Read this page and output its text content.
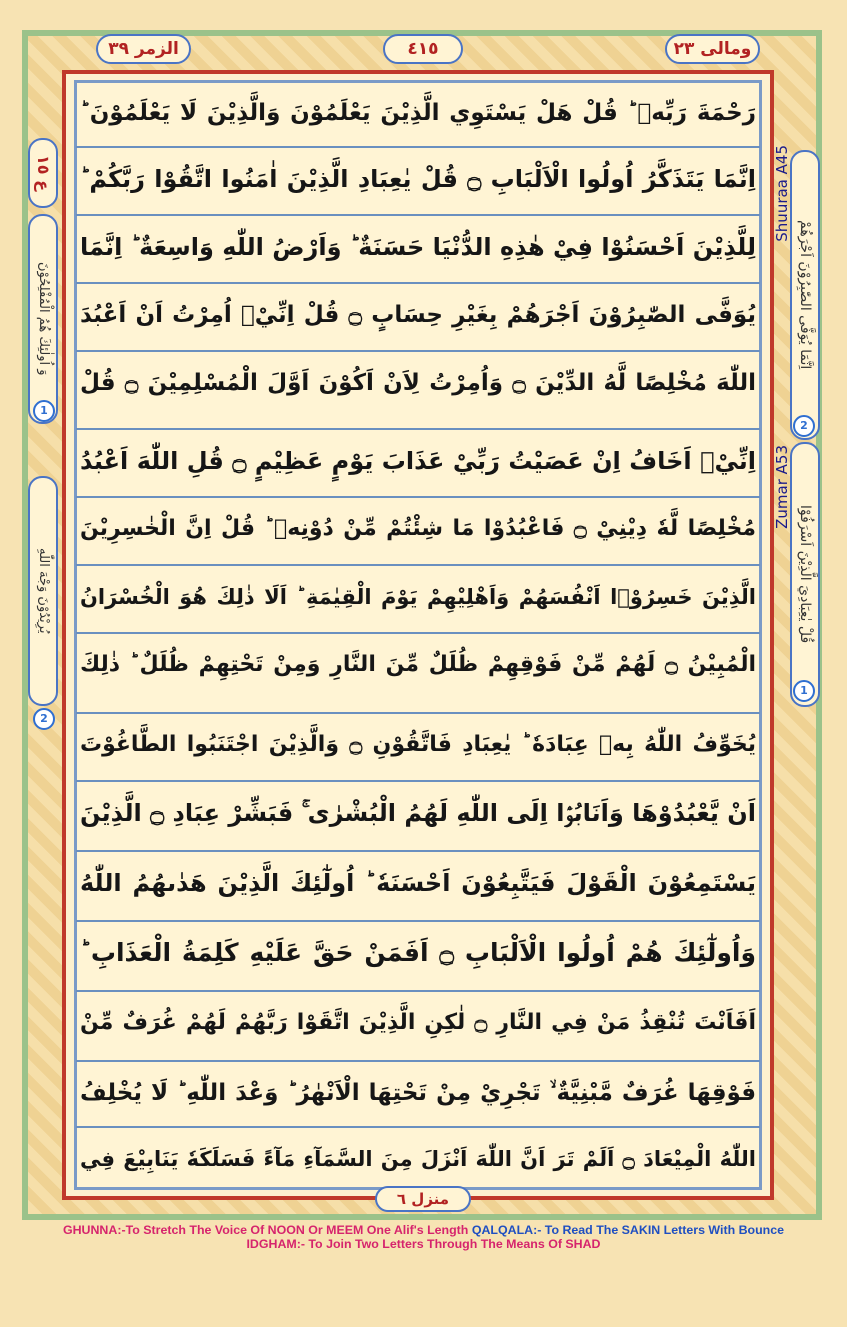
الزمر ٣٩	٤١٥	ومالى ٢٣
ع ١٥
وَ اُولٰئِكَ هُمُ الْمُفْلِحُوْنَ
يُرِيْدُوْنَ وَجْهَ اللّٰهِ
1
2
اِنَّمَا يُوَفَّى الصّٰبِرُوْنَ اَجْرَهُمْ
قُلْ يٰعِبَادِيَ الَّذِيْنَ اَسْرَفُوْا
Shuuraa A45
Zumar A53
2
1
رَحْمَةَ رَبِّهٖ ؕ قُلْ هَلْ يَسْتَوِي الَّذِيْنَ يَعْلَمُوْنَ وَالَّذِيْنَ لَا يَعْلَمُوْنَ ؕ
اِنَّمَا يَتَذَكَّرُ اُولُوا الْاَلْبَابِ ۝ قُلْ يٰعِبَادِ الَّذِيْنَ اٰمَنُوا اتَّقُوْا رَبَّكُمْ ؕ
لِلَّذِيْنَ اَحْسَنُوْا فِيْ هٰذِهِ الدُّنْيَا حَسَنَةٌ ؕ وَاَرْضُ اللّٰهِ وَاسِعَةٌ ؕ اِنَّمَا
يُوَفَّى الصّٰبِرُوْنَ اَجْرَهُمْ بِغَيْرِ حِسَابٍ ۝ قُلْ اِنِّيْۤ اُمِرْتُ اَنْ اَعْبُدَ
اللّٰهَ مُخْلِصًا لَّهُ الدِّيْنَ ۝ وَاُمِرْتُ لِاَنْ اَكُوْنَ اَوَّلَ الْمُسْلِمِيْنَ ۝ قُلْ
اِنِّيْۤ اَخَافُ اِنْ عَصَيْتُ رَبِّيْ عَذَابَ يَوْمٍ عَظِيْمٍ ۝ قُلِ اللّٰهَ اَعْبُدُ
مُخْلِصًا لَّهٗ دِيْنِيْ ۝ فَاعْبُدُوْا مَا شِئْتُمْ مِّنْ دُوْنِهٖ ؕ قُلْ اِنَّ الْخٰسِرِيْنَ
الَّذِيْنَ خَسِرُوْۤا اَنْفُسَهُمْ وَاَهْلِيْهِمْ يَوْمَ الْقِيٰمَةِ ؕ اَلَا ذٰلِكَ هُوَ الْخُسْرَانُ
الْمُبِيْنُ ۝ لَهُمْ مِّنْ فَوْقِهِمْ ظُلَلٌ مِّنَ النَّارِ وَمِنْ تَحْتِهِمْ ظُلَلٌ ؕ ذٰلِكَ
يُخَوِّفُ اللّٰهُ بِهٖ عِبَادَهٗ ؕ يٰعِبَادِ فَاتَّقُوْنِ ۝ وَالَّذِيْنَ اجْتَنَبُوا الطَّاغُوْتَ
اَنْ يَّعْبُدُوْهَا وَاَنَابُوْۤا اِلَى اللّٰهِ لَهُمُ الْبُشْرٰى ۚ فَبَشِّرْ عِبَادِ ۝ الَّذِيْنَ
يَسْتَمِعُوْنَ الْقَوْلَ فَيَتَّبِعُوْنَ اَحْسَنَهٗ ؕ اُولٰٓئِكَ الَّذِيْنَ هَدٰىهُمُ اللّٰهُ
وَاُولٰٓئِكَ هُمْ اُولُوا الْاَلْبَابِ ۝ اَفَمَنْ حَقَّ عَلَيْهِ كَلِمَةُ الْعَذَابِ ؕ
اَفَاَنْتَ تُنْقِذُ مَنْ فِي النَّارِ ۝ لٰكِنِ الَّذِيْنَ اتَّقَوْا رَبَّهُمْ لَهُمْ غُرَفٌ مِّنْ
فَوْقِهَا غُرَفٌ مَّبْنِيَّةٌ ۙ تَجْرِيْ مِنْ تَحْتِهَا الْاَنْهٰرُ ؕ وَعْدَ اللّٰهِ ؕ لَا يُخْلِفُ
اللّٰهُ الْمِيْعَادَ ۝ اَلَمْ تَرَ اَنَّ اللّٰهَ اَنْزَلَ مِنَ السَّمَآءِ مَآءً فَسَلَكَهٗ يَنَابِيْعَ فِي
منزل ٦
GHUNNA:-To Stretch The Voice Of NOON Or MEEM One Alif's Length QALQALA:- To Read The SAKIN Letters With Bounce
IDGHAM:- To Join Two Letters Through The Means Of SHAD
